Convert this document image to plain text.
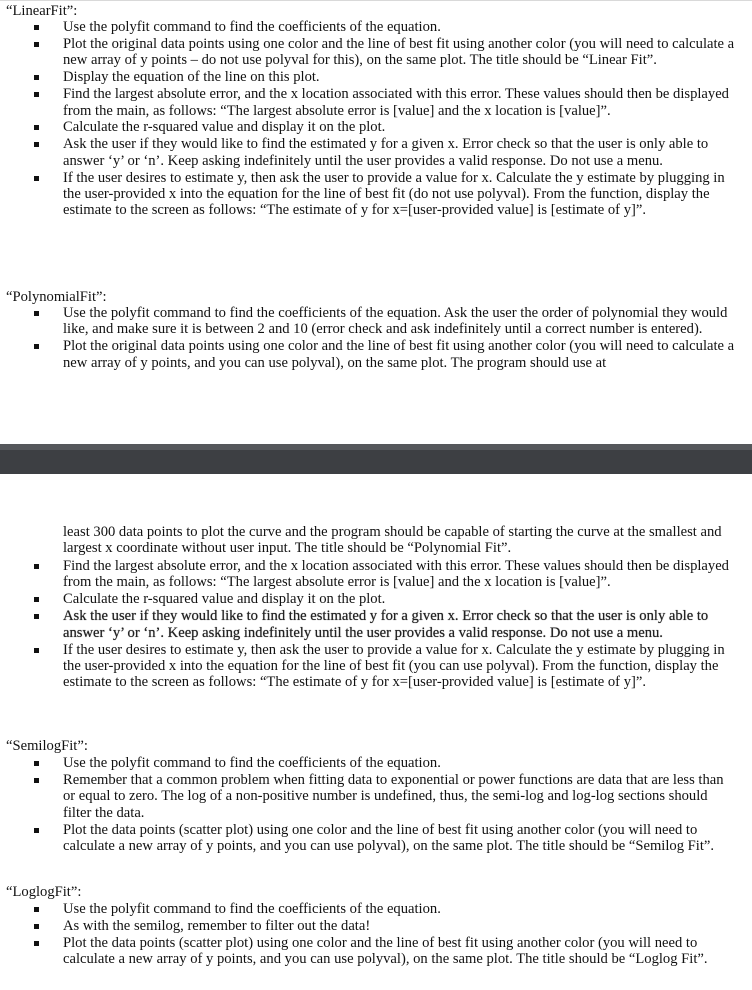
“LinearFit”:

Use the polyfit command to find the coefficients of the equation.
Plot the original data points using one color and the line of best fit using another color (you will need to calculate a new array of y points – do not use polyval for this), on the same plot. The title should be “Linear Fit”.
Display the equation of the line on this plot.
Find the largest absolute error, and the x location associated with this error. These values should then be displayed from the main, as follows: “The largest absolute error is [value] and the x location is [value]”.
Calculate the r-squared value and display it on the plot.
Ask the user if they would like to find the estimated y for a given x. Error check so that the user is only able to answer ‘y’ or ‘n’. Keep asking indefinitely until the user provides a valid response. Do not use a menu.
If the user desires to estimate y, then ask the user to provide a value for x. Calculate the y estimate by plugging in the user-provided x into the equation for the line of best fit (do not use polyval). From the function, display the estimate to the screen as follows: “The estimate of y for x=[user-provided value] is [estimate of y]”.

“PolynomialFit”:

Use the polyfit command to find the coefficients of the equation. Ask the user the order of polynomial they would like, and make sure it is between 2 and 10 (error check and ask indefinitely until a correct number is entered).
Plot the original data points using one color and the line of best fit using another color (you will need to calculate a new array of y points, and you can use polyval), on the same plot. The program should use at

least 300 data points to plot the curve and the program should be capable of starting the curve at the smallest and largest x coordinate without user input. The title should be “Polynomial Fit”.

Find the largest absolute error, and the x location associated with this error. These values should then be displayed from the main, as follows: “The largest absolute error is [value] and the x location is [value]”.
Calculate the r-squared value and display it on the plot.
Ask the user if they would like to find the estimated y for a given x. Error check so that the user is only able to answer ‘y’ or ‘n’. Keep asking indefinitely until the user provides a valid response. Do not use a menu.
If the user desires to estimate y, then ask the user to provide a value for x. Calculate the y estimate by plugging in the user-provided x into the equation for the line of best fit (you can use polyval). From the function, display the estimate to the screen as follows: “The estimate of y for x=[user-provided value] is [estimate of y]”.

“SemilogFit”:

Use the polyfit command to find the coefficients of the equation.
Remember that a common problem when fitting data to exponential or power functions are data that are less than or equal to zero. The log of a non-positive number is undefined, thus, the semi-log and log-log sections should filter the data.
Plot the data points (scatter plot) using one color and the line of best fit using another color (you will need to calculate a new array of y points, and you can use polyval), on the same plot. The title should be “Semilog Fit”.

“LoglogFit”:

Use the polyfit command to find the coefficients of the equation.
As with the semilog, remember to filter out the data!
Plot the data points (scatter plot) using one color and the line of best fit using another color (you will need to calculate a new array of y points, and you can use polyval), on the same plot. The title should be “Loglog Fit”.
